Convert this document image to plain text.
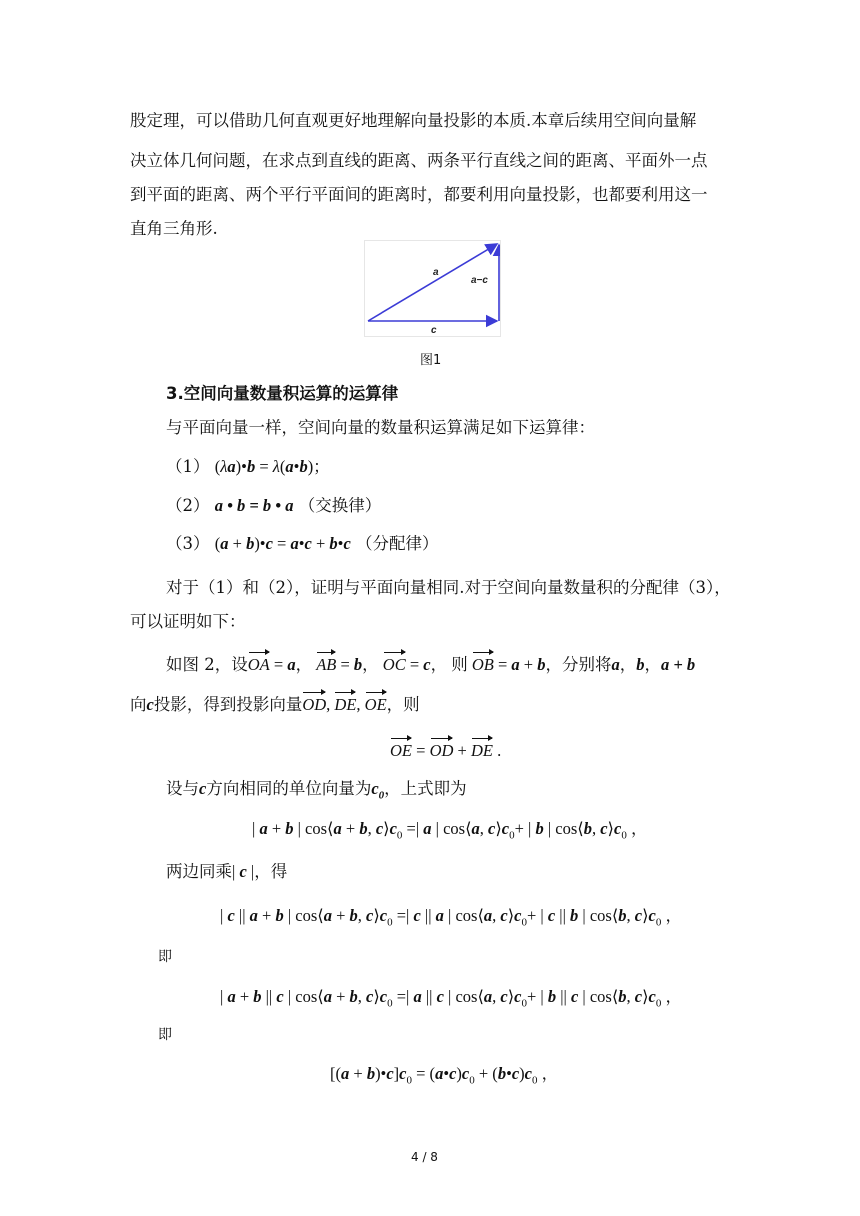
股定理，可以借助几何直观更好地理解向量投影的本质.本章后续用空间向量解
决立体几何问题，在求点到直线的距离、两条平行直线之间的距离、平面外一点
到平面的距离、两个平行平面间的距离时，都要利用向量投影，也都要利用这一
直角三角形.
a
a−c
c
图1
3.空间向量数量积运算的运算律
与平面向量一样，空间向量的数量积运算满足如下运算律：
（1） (λa)•b = λ(a•b)；
（2） a • b = b • a （交换律）
（3） (a + b)•c = a•c + b•c （分配律）
对于（1）和（2），证明与平面向量相同.对于空间向量数量积的分配律（3），
可以证明如下：
如图 2，设OA = a， AB = b， OC = c， 则 OB = a + b，分别将a，b，a + b
向c投影，得到投影向量OD, DE, OE，则
OE = OD + DE .
设与c方向相同的单位向量为$c_0$，上式即为
| a + b | cos⟨a + b, $c⟩c_0$ =| a | cos⟨a, $c⟩c_0+$ | b | cos⟨b, $c⟩c_0$ ，
两边同乘| c |，得
| c || a + b | cos⟨a + b, $c⟩c_0$ =| c || a | cos⟨a, $c⟩c_0+$ | c || b | cos⟨b, $c⟩c_0$ ，
即
| a + b || c | cos⟨a + b, $c⟩c_0$ =| a || c | cos⟨a, $c⟩c_0+$ | b || c | cos⟨b, $c⟩c_0$ ，
即
$[(a + b)•c]c_0$ = $(a•c)c_0$ + $(b•c)c_0$ ，
4 / 8
